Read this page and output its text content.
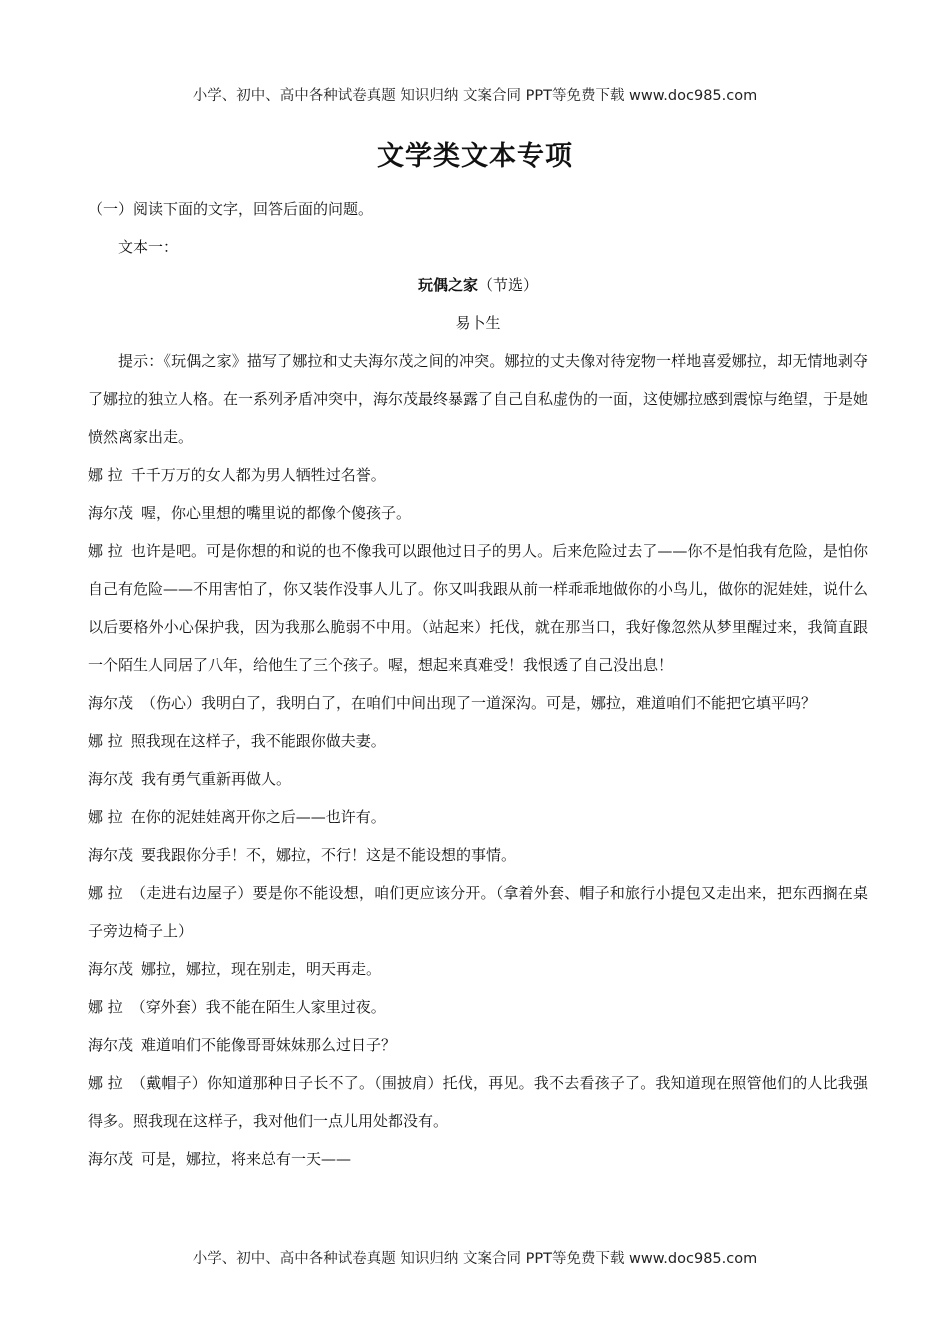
小学、初中、高中各种试卷真题 知识归纳 文案合同 PPT等免费下载 www.doc985.com
文学类文本专项

（一）阅读下面的文字，回答后面的问题。

文本一：

玩偶之家（节选）

易卜生

提示：《玩偶之家》描写了娜拉和丈夫海尔茂之间的冲突。娜拉的丈夫像对待宠物一样地喜爱娜拉，却无情地剥夺了娜拉的独立人格。在一系列矛盾冲突中，海尔茂最终暴露了自己自私虚伪的一面，这使娜拉感到震惊与绝望，于是她愤然离家出走。

娜 拉 千千万万的女人都为男人牺牲过名誉。

海尔茂 喔，你心里想的嘴里说的都像个傻孩子。

娜 拉 也许是吧。可是你想的和说的也不像我可以跟他过日子的男人。后来危险过去了——你不是怕我有危险，是怕你自己有危险——不用害怕了，你又装作没事人儿了。你又叫我跟从前一样乖乖地做你的小鸟儿，做你的泥娃娃，说什么以后要格外小心保护我，因为我那么脆弱不中用。（站起来）托伐，就在那当口，我好像忽然从梦里醒过来，我简直跟一个陌生人同居了八年，给他生了三个孩子。喔，想起来真难受！我恨透了自己没出息！

海尔茂 （伤心）我明白了，我明白了，在咱们中间出现了一道深沟。可是，娜拉，难道咱们不能把它填平吗？

娜 拉 照我现在这样子，我不能跟你做夫妻。

海尔茂 我有勇气重新再做人。

娜 拉 在你的泥娃娃离开你之后——也许有。

海尔茂 要我跟你分手！不，娜拉，不行！这是不能设想的事情。

娜 拉 （走进右边屋子）要是你不能设想，咱们更应该分开。（拿着外套、帽子和旅行小提包又走出来，把东西搁在桌子旁边椅子上）

海尔茂 娜拉，娜拉，现在别走，明天再走。

娜 拉 （穿外套）我不能在陌生人家里过夜。

海尔茂 难道咱们不能像哥哥妹妹那么过日子？

娜 拉 （戴帽子）你知道那种日子长不了。（围披肩）托伐，再见。我不去看孩子了。我知道现在照管他们的人比我强得多。照我现在这样子，我对他们一点儿用处都没有。

海尔茂 可是，娜拉，将来总有一天——

小学、初中、高中各种试卷真题 知识归纳 文案合同 PPT等免费下载 www.doc985.com
